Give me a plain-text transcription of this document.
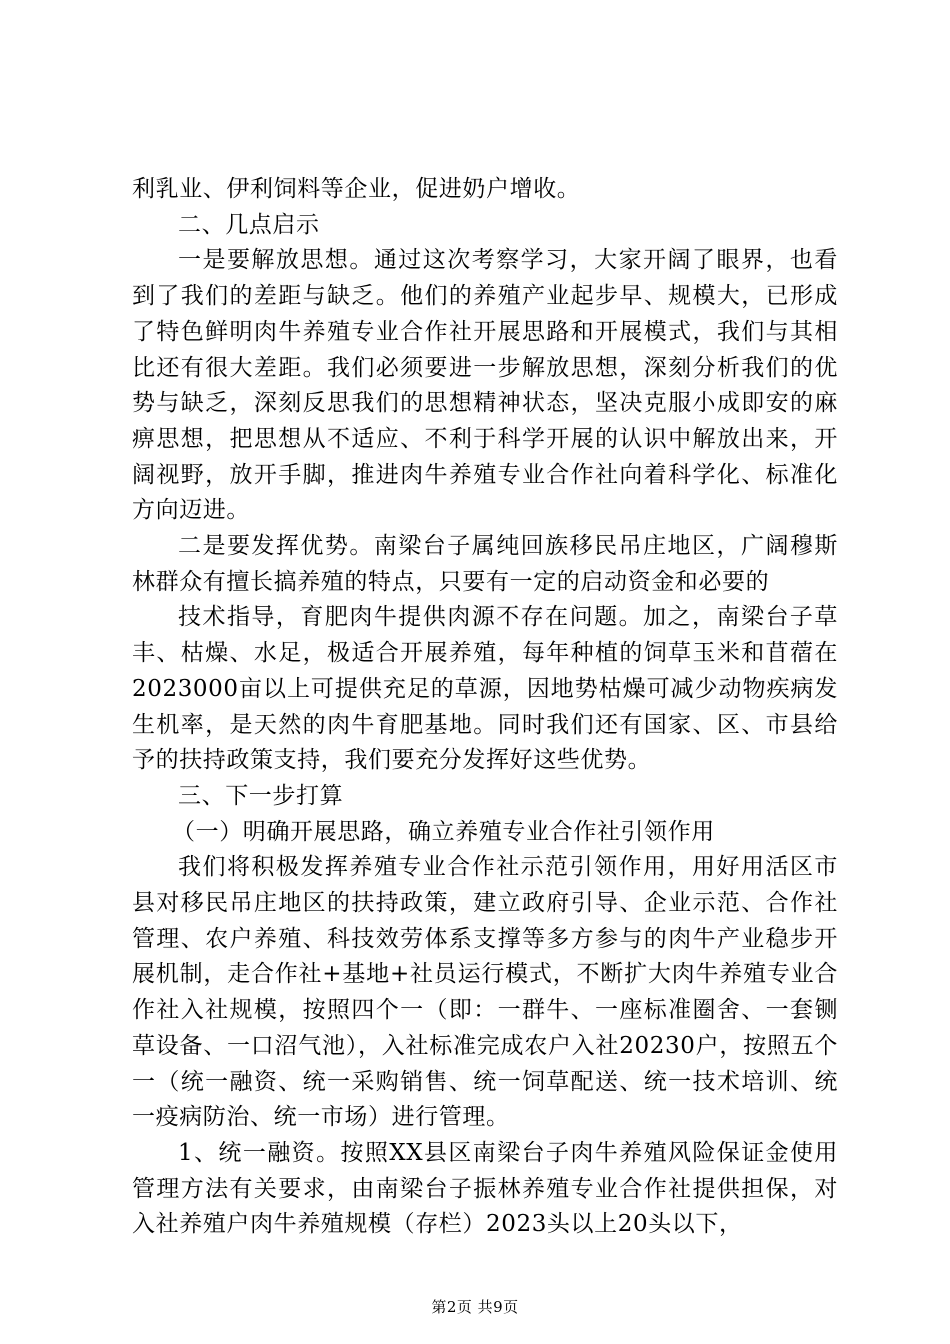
利乳业、伊利饲料等企业，促进奶户增收。

二、几点启示

一是要解放思想。通过这次考察学习，大家开阔了眼界，也看到了我们的差距与缺乏。他们的养殖产业起步早、规模大，已形成了特色鲜明肉牛养殖专业合作社开展思路和开展模式，我们与其相比还有很大差距。我们必须要进一步解放思想，深刻分析我们的优势与缺乏，深刻反思我们的思想精神状态，坚决克服小成即安的麻痹思想，把思想从不适应、不利于科学开展的认识中解放出来，开阔视野，放开手脚，推进肉牛养殖专业合作社向着科学化、标准化方向迈进。

二是要发挥优势。南梁台子属纯回族移民吊庄地区，广阔穆斯林群众有擅长搞养殖的特点，只要有一定的启动资金和必要的

技术指导，育肥肉牛提供肉源不存在问题。加之，南梁台子草丰、枯燥、水足，极适合开展养殖，每年种植的饲草玉米和苜蓿在2023000亩以上可提供充足的草源，因地势枯燥可减少动物疾病发生机率，是天然的肉牛育肥基地。同时我们还有国家、区、市县给予的扶持政策支持，我们要充分发挥好这些优势。

三、下一步打算

（一）明确开展思路，确立养殖专业合作社引领作用

我们将积极发挥养殖专业合作社示范引领作用，用好用活区市县对移民吊庄地区的扶持政策，建立政府引导、企业示范、合作社管理、农户养殖、科技效劳体系支撑等多方参与的肉牛产业稳步开展机制，走合作社+基地+社员运行模式，不断扩大肉牛养殖专业合作社入社规模，按照四个一（即：一群牛、一座标准圈舍、一套铡草设备、一口沼气池），入社标准完成农户入社20230户，按照五个一（统一融资、统一采购销售、统一饲草配送、统一技术培训、统一疫病防治、统一市场）进行管理。

1、统一融资。按照XX县区南梁台子肉牛养殖风险保证金使用管理方法有关要求，由南梁台子振林养殖专业合作社提供担保，对入社养殖户肉牛养殖规模（存栏）2023头以上20头以下，

第2页 共9页
